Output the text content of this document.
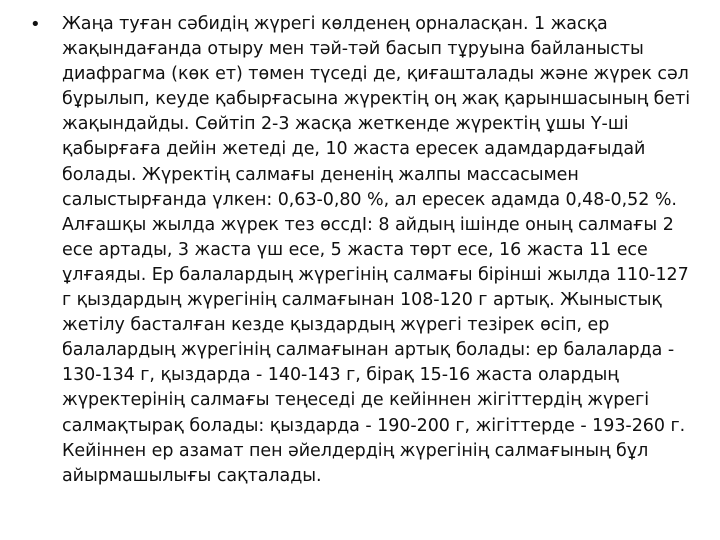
•	Жаңа туған сәбидің жүрегі көлденең орналасқан. 1 жасқа
жақындағанда отыру мен тәй-тәй басып тұруына байланысты
диафрагма (көк ет) төмен түседі де, қиғашталады және жүрек сәл
бұрылып, кеуде қабырғасына жүректің оң жақ қарыншасының беті
жақындайды. Сөйтіп 2-3 жасқа жеткенде жүректің ұшы Ү-ші
қабырғаға дейін жетеді де, 10 жаста ересек адамдардағыдай
болады. Жүректің салмағы дененің жалпы массасымен
салыстырғанда үлкен: 0,63-0,80 %, ал ересек адамда 0,48-0,52 %.
Алғашқы жылда жүрек тез өссдІ: 8 айдың ішінде оның салмағы 2
есе артады, 3 жаста үш есе, 5 жаста төрт есе, 16 жаста 11 есе
ұлғаяды. Ер балалардың жүрегінің салмағы бірінші жылда 110-127
г қыздардың жүрегінің салмағынан 108-120 г артық. Жыныстық
жетілу басталған кезде қыздардың жүрегі тезірек өсіп, ер
балалардың жүрегінің салмағынан артық болады: ер балаларда -
130-134 г, қыздарда - 140-143 г, бірақ 15-16 жаста олардың
жүректерінің салмағы теңеседі де кейіннен жігіттердің жүрегі
салмақтырақ болады: қыздарда - 190-200 г, жігіттерде - 193-260 г.
Кейіннен ер азамат пен әйелдердің жүрегінің салмағының бұл
айырмашылығы сақталады.
